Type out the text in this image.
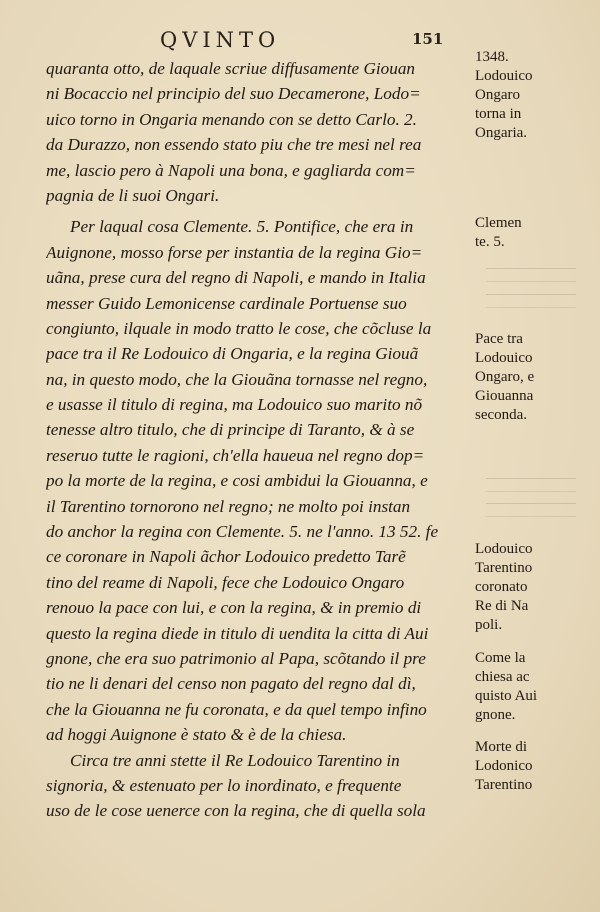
QVINTO	151
quaranta otto, de laquale scriue diffusamente Giouan
ni Bocaccio nel principio del suo Decamerone, Lodo=
uico torno in Ongaria menando con se detto Carlo. 2.
da Durazzo, non essendo stato piu che tre mesi nel rea
me, lascio pero à Napoli una bona, e gagliarda com=
pagnia de li suoi Ongari.
Per laqual cosa Clemente. 5. Pontifice, che era in
Auignone, mosso forse per instantia de la regina Gio=
uãna, prese cura del regno di Napoli, e mando in Italia
messer Guido Lemonicense cardinale Portuense suo
congiunto, ilquale in modo tratto le cose, che cõcluse la
pace tra il Re Lodouico di Ongaria, e la regina Giouã
na, in questo modo, che la Giouãna tornasse nel regno,
e usasse il titulo di regina, ma Lodouico suo marito nõ
tenesse altro titulo, che di principe di Taranto, & à se
reseruo tutte le ragioni, ch'ella haueua nel regno dop=
po la morte de la regina, e cosi ambidui la Giouanna, e
il Tarentino tornorono nel regno; ne molto poi instan
do anchor la regina con Clemente. 5. ne l'anno. 13 52. fe
ce coronare in Napoli ãchor Lodouico predetto Tarẽ
tino del reame di Napoli, fece che Lodouico Ongaro
renouo la pace con lui, e con la regina, & in premio di
questo la regina diede in titulo di uendita la citta di Aui
gnone, che era suo patrimonio al Papa, scõtando il pre
tio ne li denari del censo non pagato del regno dal dì,
che la Giouanna ne fu coronata, e da quel tempo infino
ad hoggi Auignone è stato & è de la chiesa.
Circa tre anni stette il Re Lodouico Tarentino in
signoria, & estenuato per lo inordinato, e frequente
uso de le cose uenerce con la regina, che di quella sola
1348.
Lodouico
Ongaro
torna in
Ongaria.
Clemen
te. 5.
Pace tra
Lodouico
Ongaro, e
Giouanna
seconda.
Lodouico
Tarentino
coronato
Re di Na
poli.
Come la
chiesa ac
quisto Aui
gnone.
Morte di
Lodonico
Tarentino
